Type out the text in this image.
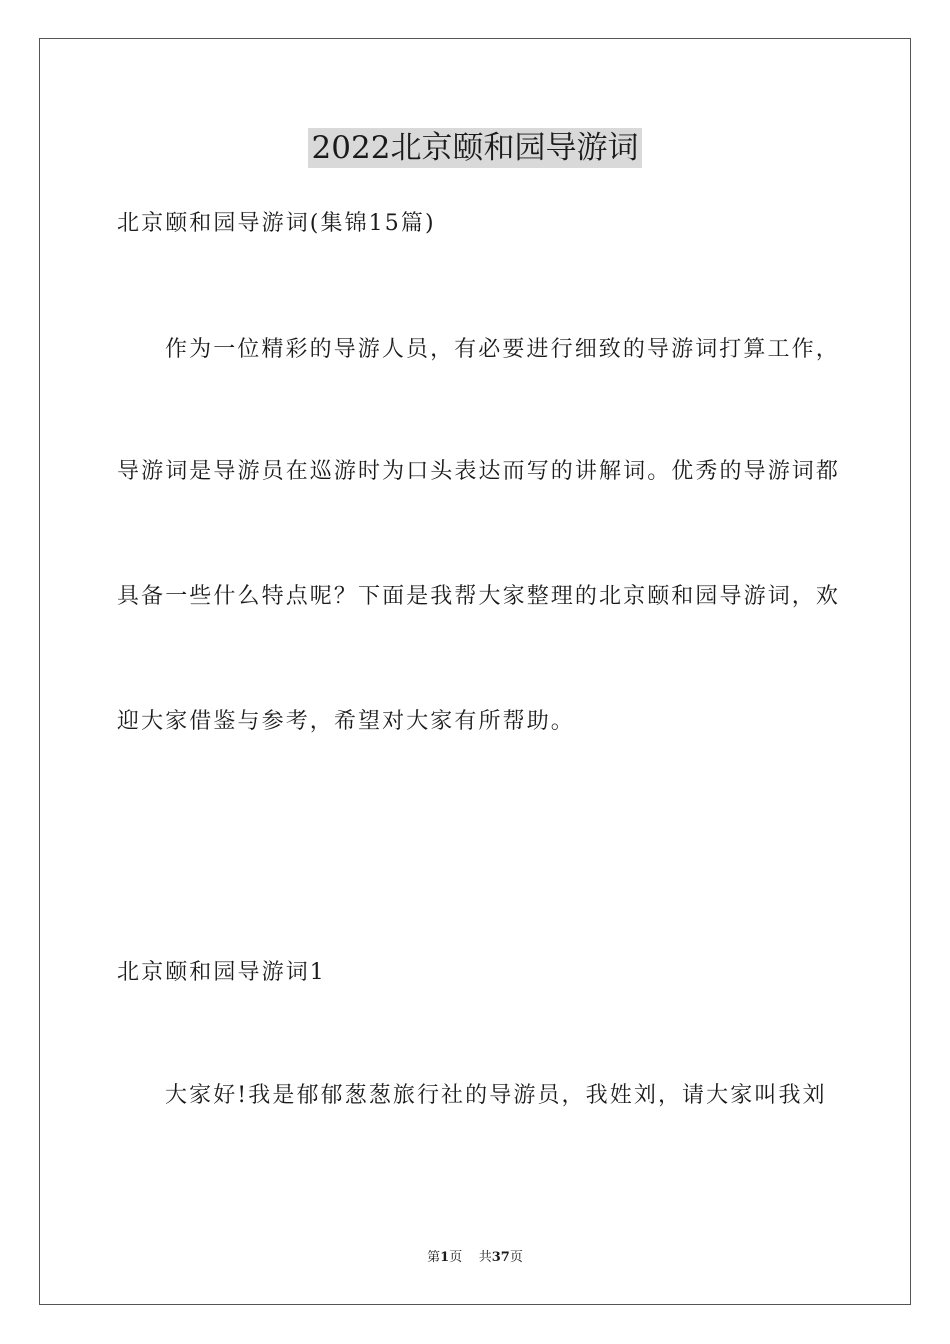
2022北京颐和园导游词
北京颐和园导游词(集锦15篇)
作为一位精彩的导游人员，有必要进行细致的导游词打算工作，
导游词是导游员在巡游时为口头表达而写的讲解词。优秀的导游词都
具备一些什么特点呢？下面是我帮大家整理的北京颐和园导游词，欢
迎大家借鉴与参考，希望对大家有所帮助。
北京颐和园导游词1
大家好!我是郁郁葱葱旅行社的导游员，我姓刘，请大家叫我刘
第1页 共37页
